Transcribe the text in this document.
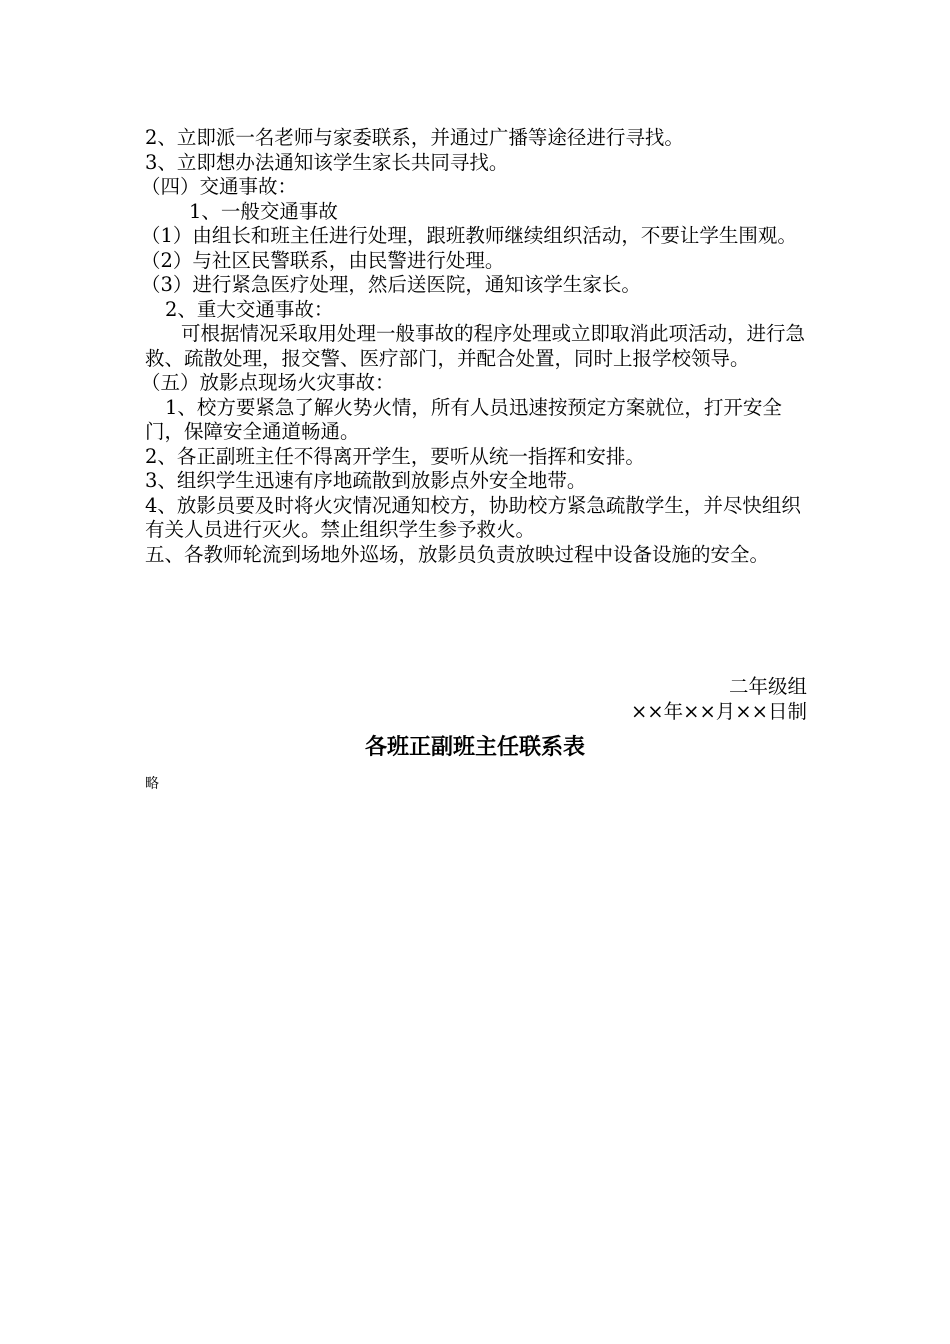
2、立即派一名老师与家委联系，并通过广播等途径进行寻找。

3、立即想办法通知该学生家长共同寻找。

（四）交通事故：

1、一般交通事故

（1）由组长和班主任进行处理，跟班教师继续组织活动，不要让学生围观。

（2）与社区民警联系，由民警进行处理。

（3）进行紧急医疗处理，然后送医院，通知该学生家长。

2、重大交通事故：

可根据情况采取用处理一般事故的程序处理或立即取消此项活动，进行急救、疏散处理，报交警、医疗部门，并配合处置，同时上报学校领导。

（五）放影点现场火灾事故：

1、校方要紧急了解火势火情，所有人员迅速按预定方案就位，打开安全门，保障安全通道畅通。

2、各正副班主任不得离开学生，要听从统一指挥和安排。

3、组织学生迅速有序地疏散到放影点外安全地带。

4、放影员要及时将火灾情况通知校方，协助校方紧急疏散学生，并尽快组织有关人员进行灭火。禁止组织学生参予救火。

五、各教师轮流到场地外巡场，放影员负责放映过程中设备设施的安全。

二年级组

××年××月××日制

各班正副班主任联系表
略
